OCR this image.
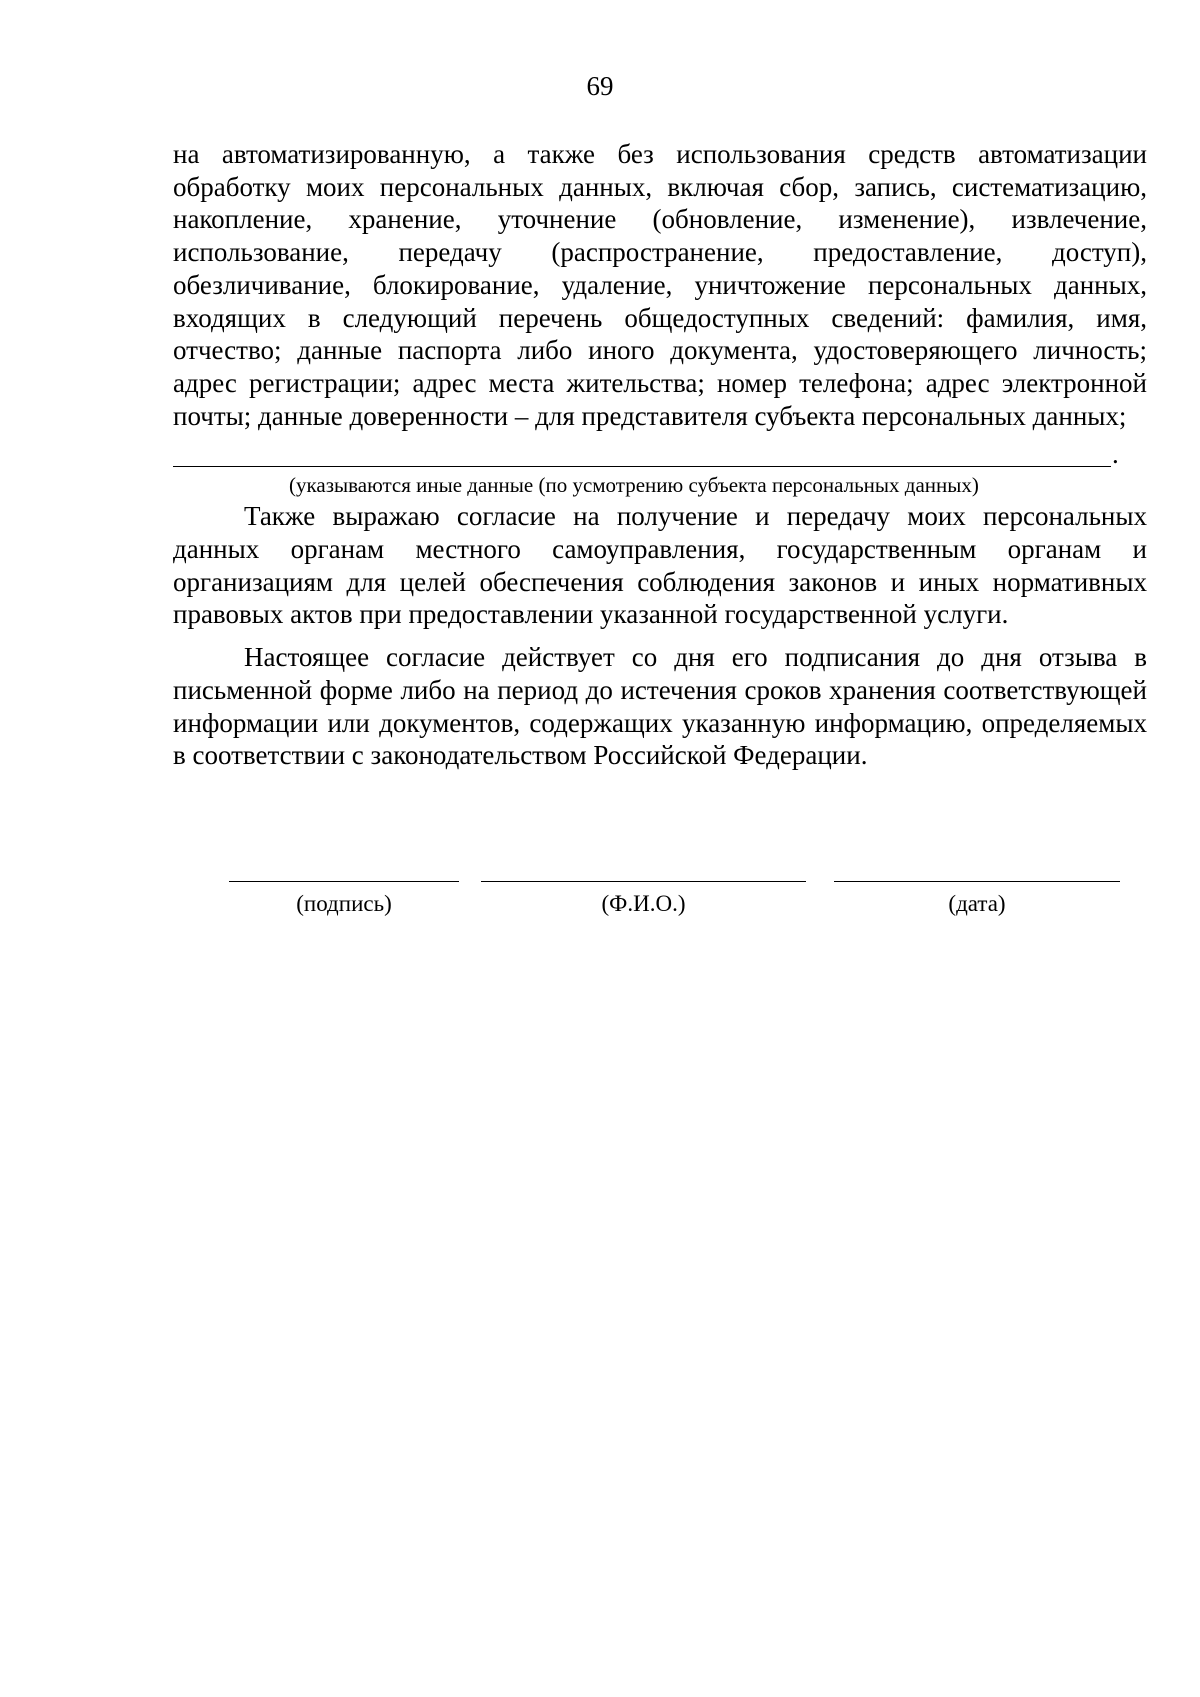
69

на автоматизированную, а также без использования средств автоматизации обработку моих персональных данных, включая сбор, запись, систематизацию, накопление, хранение, уточнение (обновление, изменение), извлечение, использование, передачу (распространение, предоставление, доступ), обезличивание, блокирование, удаление, уничтожение персональных данных, входящих в следующий перечень общедоступных сведений: фамилия, имя, отчество; данные паспорта либо иного документа, удостоверяющего личность; адрес регистрации; адрес места жительства; номер телефона; адрес электронной почты; данные доверенности – для представителя субъекта персональных данных;

.
(указываются иные данные (по усмотрению субъекта персональных данных)

Также выражаю согласие на получение и передачу моих персональных данных органам местного самоуправления, государственным органам и организациям для целей обеспечения соблюдения законов и иных нормативных правовых актов при предоставлении указанной государственной услуги.

Настоящее согласие действует со дня его подписания до дня отзыва в письменной форме либо на период до истечения сроков хранения соответствующей информации или документов, содержащих указанную информацию, определяемых в соответствии с законодательством Российской Федерации.

(подпись)	(Ф.И.О.)	(дата)
